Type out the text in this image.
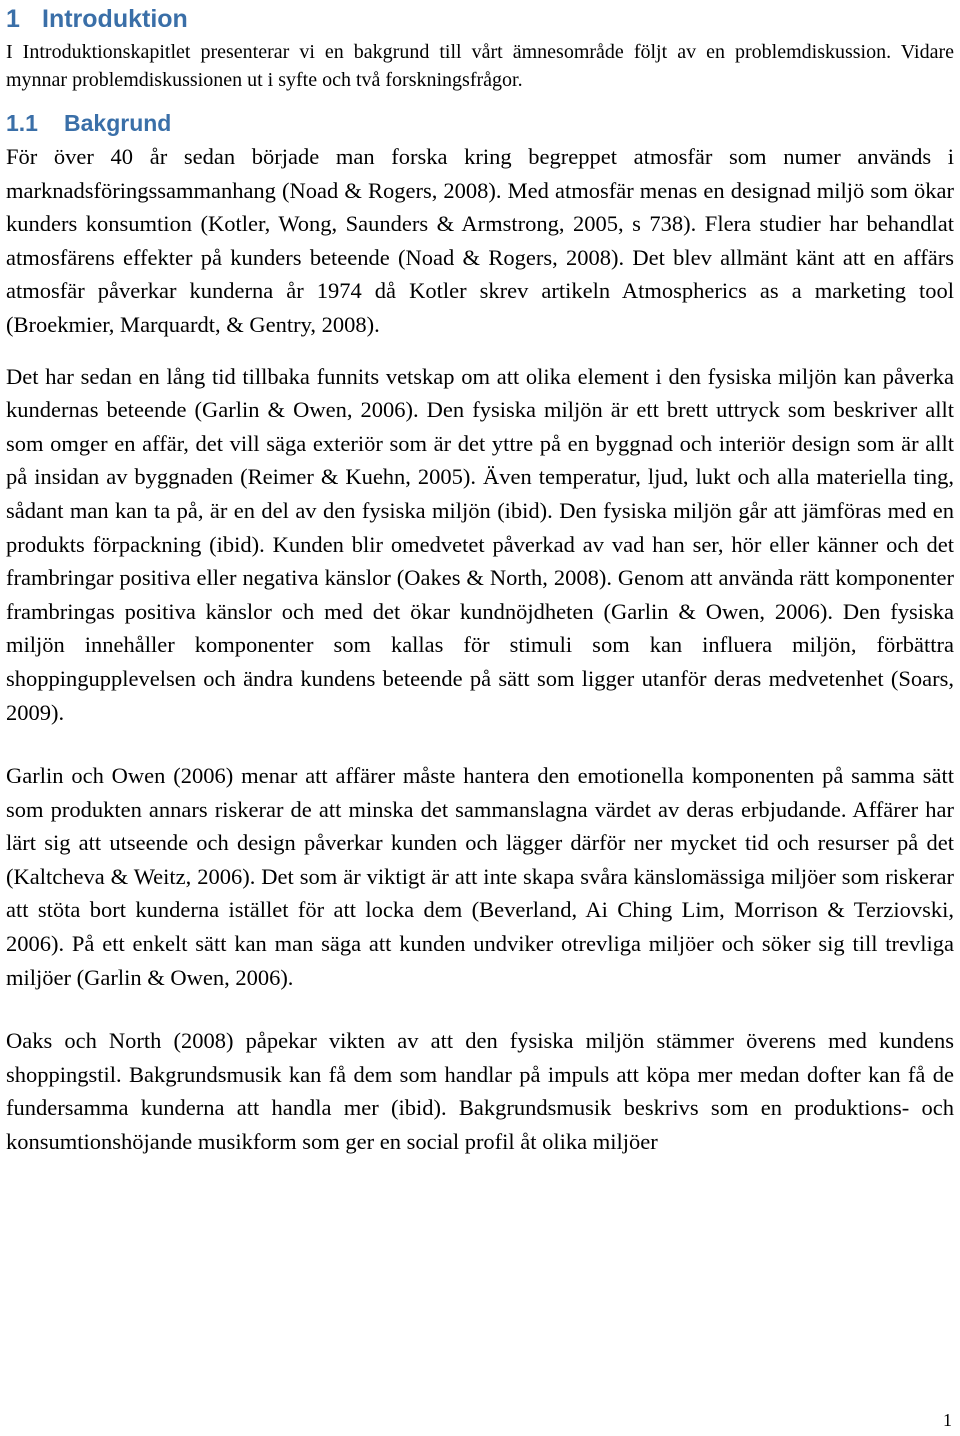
1 Introduktion

I Introduktionskapitlet presenterar vi en bakgrund till vårt ämnesområde följt av en problemdiskussion. Vidare mynnar problemdiskussionen ut i syfte och två forskningsfrågor.

1.1 Bakgrund

För över 40 år sedan började man forska kring begreppet atmosfär som numer används i marknadsföringssammanhang (Noad & Rogers, 2008). Med atmosfär menas en designad miljö som ökar kunders konsumtion (Kotler, Wong, Saunders & Armstrong, 2005, s 738). Flera studier har behandlat atmosfärens effekter på kunders beteende (Noad & Rogers, 2008). Det blev allmänt känt att en affärs atmosfär påverkar kunderna år 1974 då Kotler skrev artikeln Atmospherics as a marketing tool (Broekmier, Marquardt, & Gentry, 2008).

Det har sedan en lång tid tillbaka funnits vetskap om att olika element i den fysiska miljön kan påverka kundernas beteende (Garlin & Owen, 2006). Den fysiska miljön är ett brett uttryck som beskriver allt som omger en affär, det vill säga exteriör som är det yttre på en byggnad och interiör design som är allt på insidan av byggnaden (Reimer & Kuehn, 2005). Även temperatur, ljud, lukt och alla materiella ting, sådant man kan ta på, är en del av den fysiska miljön (ibid). Den fysiska miljön går att jämföras med en produkts förpackning (ibid). Kunden blir omedvetet påverkad av vad han ser, hör eller känner och det frambringar positiva eller negativa känslor (Oakes & North, 2008). Genom att använda rätt komponenter frambringas positiva känslor och med det ökar kundnöjdheten (Garlin & Owen, 2006). Den fysiska miljön innehåller komponenter som kallas för stimuli som kan influera miljön, förbättra shoppingupplevelsen och ändra kundens beteende på sätt som ligger utanför deras medvetenhet (Soars, 2009).

Garlin och Owen (2006) menar att affärer måste hantera den emotionella komponenten på samma sätt som produkten annars riskerar de att minska det sammanslagna värdet av deras erbjudande. Affärer har lärt sig att utseende och design påverkar kunden och lägger därför ner mycket tid och resurser på det (Kaltcheva & Weitz, 2006). Det som är viktigt är att inte skapa svåra känslomässiga miljöer som riskerar att stöta bort kunderna istället för att locka dem (Beverland, Ai Ching Lim, Morrison & Terziovski, 2006). På ett enkelt sätt kan man säga att kunden undviker otrevliga miljöer och söker sig till trevliga miljöer (Garlin & Owen, 2006).

Oaks och North (2008) påpekar vikten av att den fysiska miljön stämmer överens med kundens shoppingstil. Bakgrundsmusik kan få dem som handlar på impuls att köpa mer medan dofter kan få de fundersamma kunderna att handla mer (ibid). Bakgrundsmusik beskrivs som en produktions- och konsumtionshöjande musikform som ger en social profil åt olika miljöer

1
